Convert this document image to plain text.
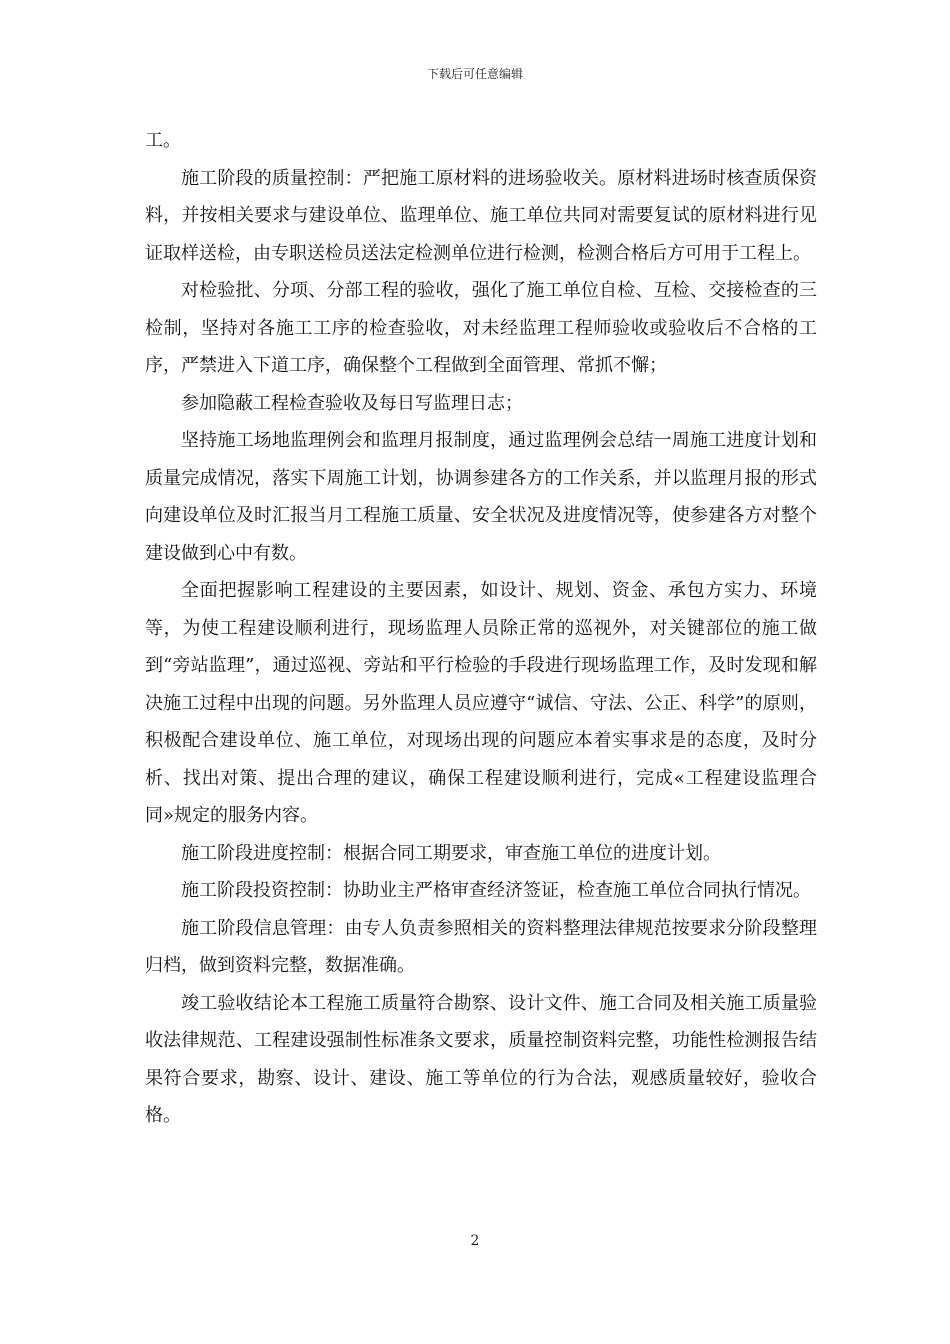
下载后可任意编辑

工。

施工阶段的质量控制：严把施工原材料的进场验收关。原材料进场时核查质保资料，并按相关要求与建设单位、监理单位、施工单位共同对需要复试的原材料进行见证取样送检，由专职送检员送法定检测单位进行检测，检测合格后方可用于工程上。

对检验批、分项、分部工程的验收，强化了施工单位自检、互检、交接检查的三检制，坚持对各施工工序的检查验收，对未经监理工程师验收或验收后不合格的工序，严禁进入下道工序，确保整个工程做到全面管理、常抓不懈；

参加隐蔽工程检查验收及每日写监理日志；

坚持施工场地监理例会和监理月报制度，通过监理例会总结一周施工进度计划和质量完成情况，落实下周施工计划，协调参建各方的工作关系，并以监理月报的形式向建设单位及时汇报当月工程施工质量、安全状况及进度情况等，使参建各方对整个建设做到心中有数。

全面把握影响工程建设的主要因素，如设计、规划、资金、承包方实力、环境等，为使工程建设顺利进行，现场监理人员除正常的巡视外，对关键部位的施工做到“旁站监理”，通过巡视、旁站和平行检验的手段进行现场监理工作，及时发现和解决施工过程中出现的问题。另外监理人员应遵守“诚信、守法、公正、科学”的原则，积极配合建设单位、施工单位，对现场出现的问题应本着实事求是的态度，及时分析、找出对策、提出合理的建议，确保工程建设顺利进行，完成«工程建设监理合同»规定的服务内容。

施工阶段进度控制：根据合同工期要求，审查施工单位的进度计划。

施工阶段投资控制：协助业主严格审查经济签证，检查施工单位合同执行情况。

施工阶段信息管理：由专人负责参照相关的资料整理法律规范按要求分阶段整理归档，做到资料完整，数据准确。

竣工验收结论本工程施工质量符合勘察、设计文件、施工合同及相关施工质量验收法律规范、工程建设强制性标准条文要求，质量控制资料完整，功能性检测报告结果符合要求，勘察、设计、建设、施工等单位的行为合法，观感质量较好，验收合格。

2
